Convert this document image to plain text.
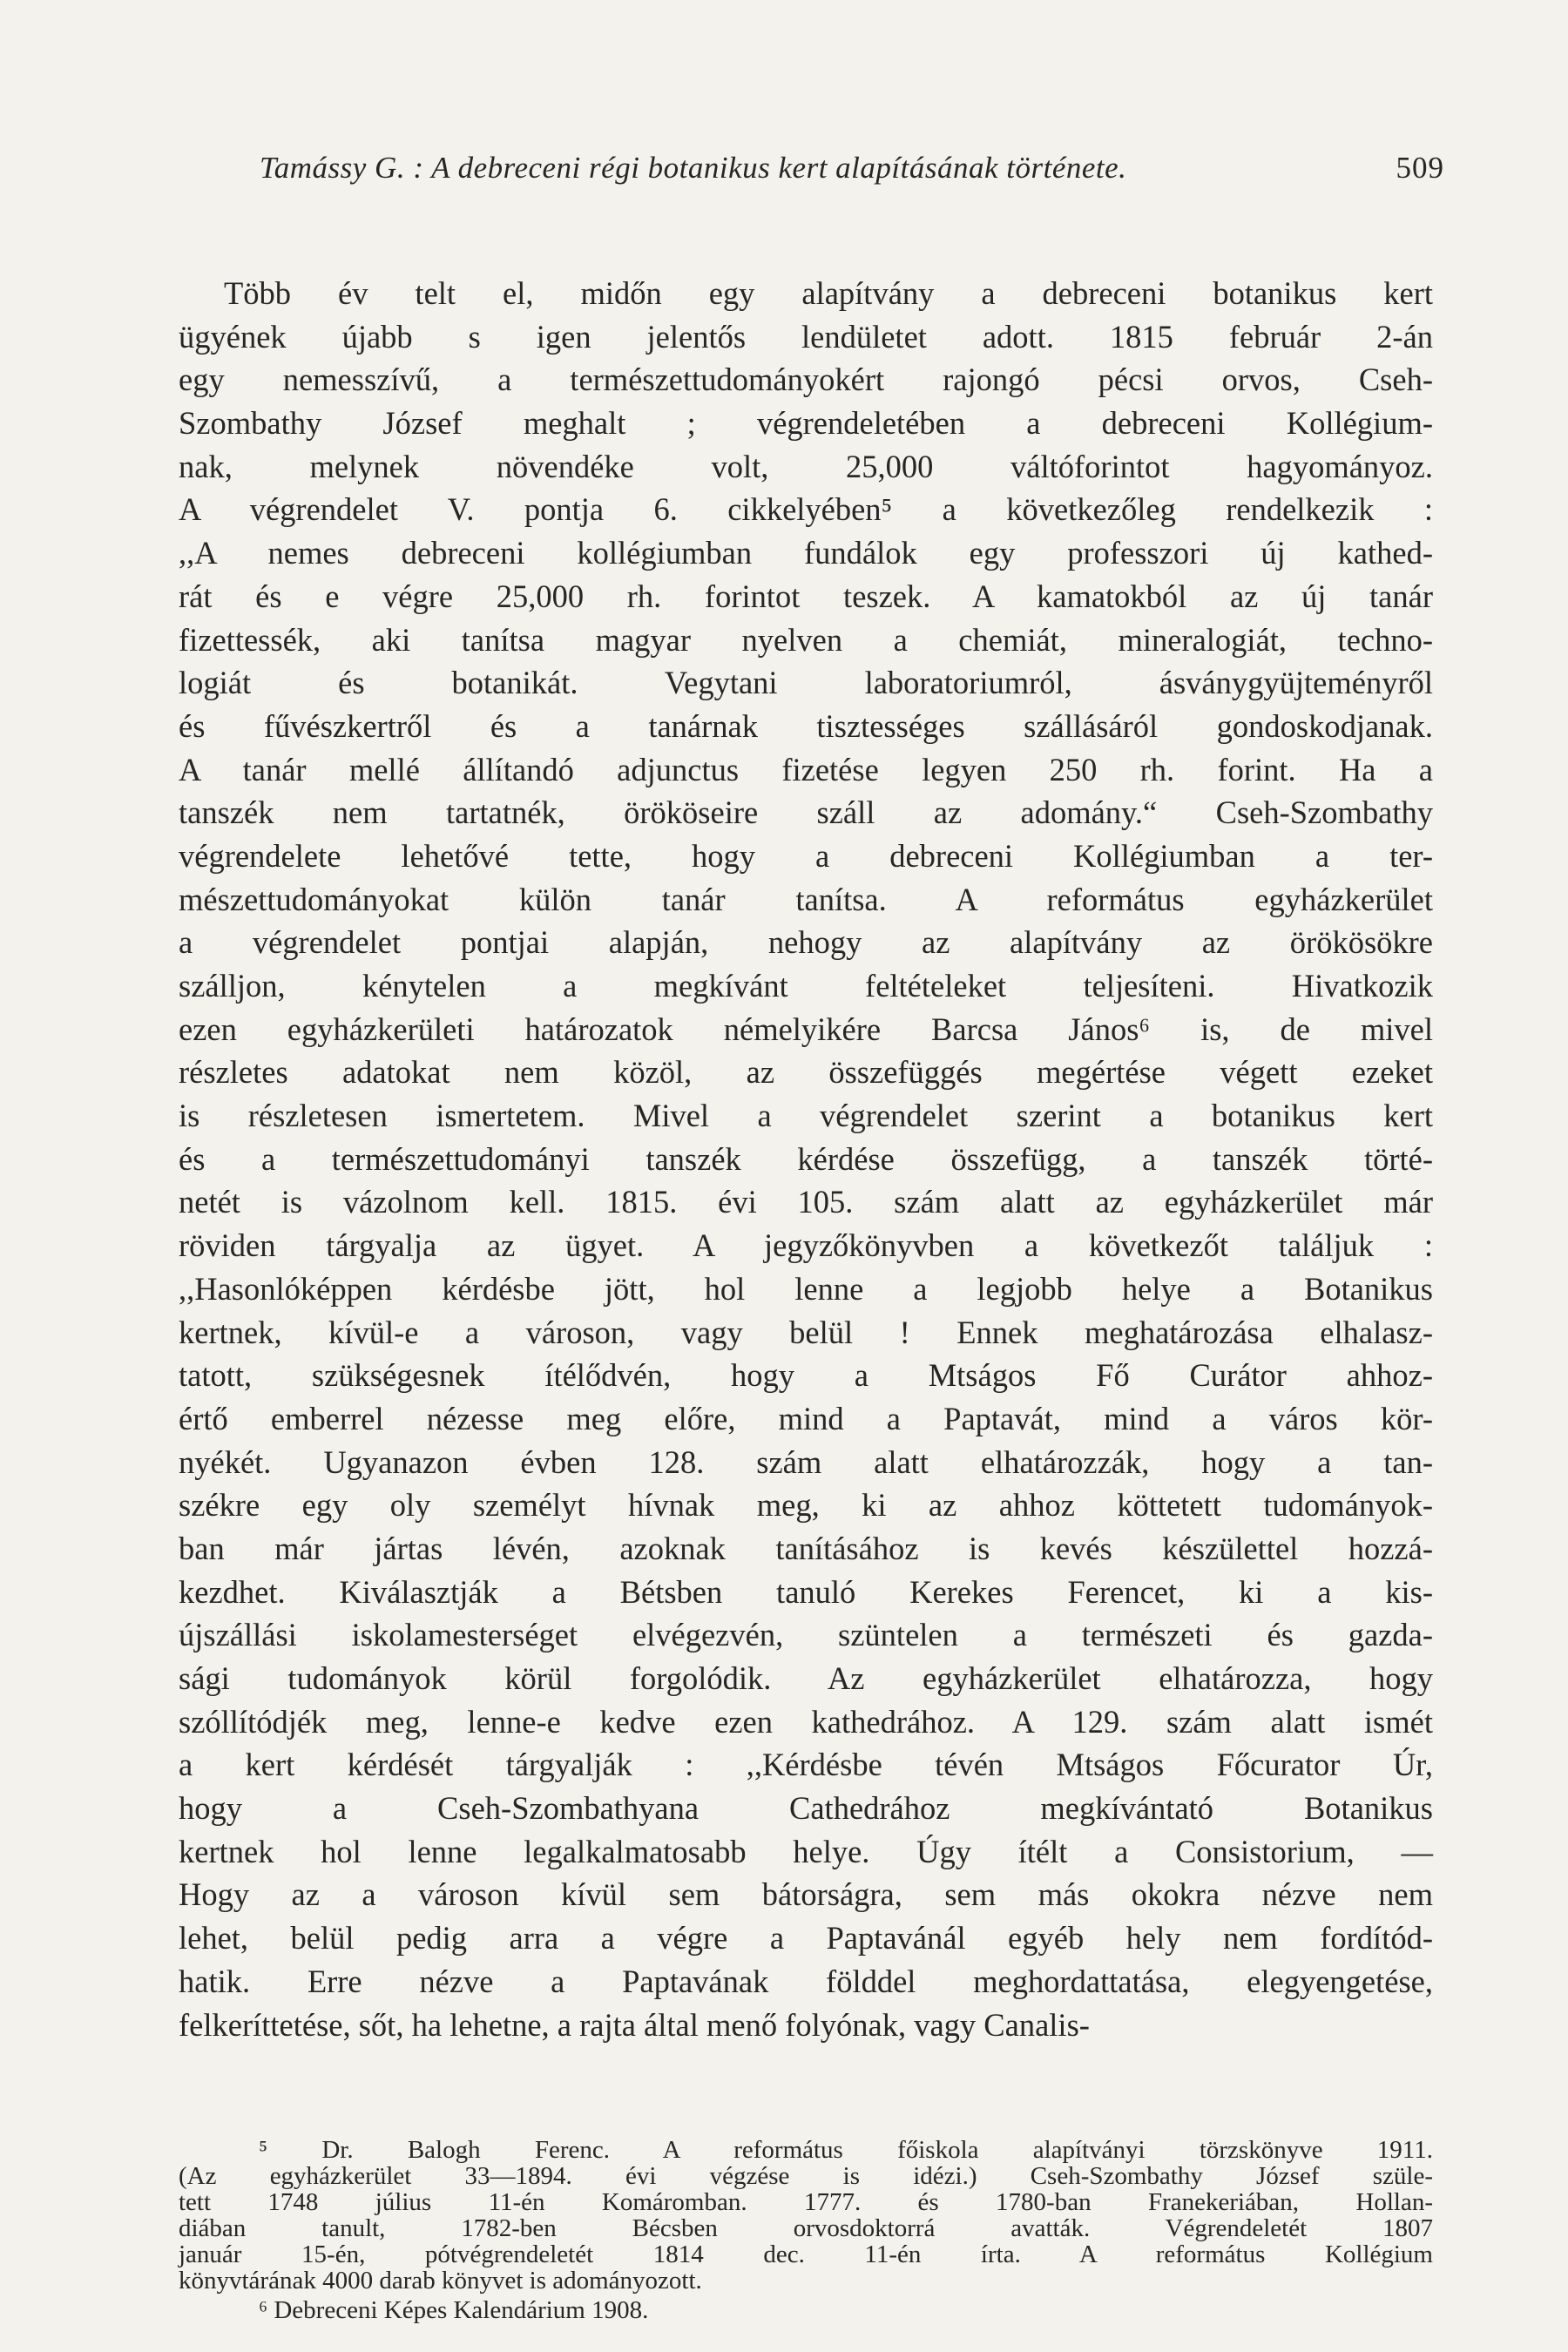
Tamássy G. : A debreceni régi botanikus kert alapításának története.	509
Több év telt el, midőn egy alapítvány a debreceni botanikus kert
ügyének újabb s igen jelentős lendületet adott. 1815 február 2-án
egy nemesszívű, a természettudományokért rajongó pécsi orvos, Cseh-
Szombathy József meghalt ; végrendeletében a debreceni Kollégium-
nak, melynek növendéke volt, 25,000 váltóforintot hagyományoz.
A végrendelet V. pontja 6. cikkelyében⁵ a következőleg rendelkezik :
,,A nemes debreceni kollégiumban fundálok egy professzori új kathed-
rát és e végre 25,000 rh. forintot teszek. A kamatokból az új tanár
fizettessék, aki tanítsa magyar nyelven a chemiát, mineralogiát, techno-
logiát és botanikát. Vegytani laboratoriumról, ásványgyüjteményről
és fűvészkertről és a tanárnak tisztességes szállásáról gondoskodjanak.
A tanár mellé állítandó adjunctus fizetése legyen 250 rh. forint. Ha a
tanszék nem tartatnék, örököseire száll az adomány.“ Cseh-Szombathy
végrendelete lehetővé tette, hogy a debreceni Kollégiumban a ter-
mészettudományokat külön tanár tanítsa. A református egyházkerület
a végrendelet pontjai alapján, nehogy az alapítvány az örökösökre
szálljon, kénytelen a megkívánt feltételeket teljesíteni. Hivatkozik
ezen egyházkerületi határozatok némelyikére Barcsa János⁶ is, de mivel
részletes adatokat nem közöl, az összefüggés megértése végett ezeket
is részletesen ismertetem. Mivel a végrendelet szerint a botanikus kert
és a természettudományi tanszék kérdése összefügg, a tanszék törté-
netét is vázolnom kell. 1815. évi 105. szám alatt az egyházkerület már
röviden tárgyalja az ügyet. A jegyzőkönyvben a következőt találjuk :
,,Hasonlóképpen kérdésbe jött, hol lenne a legjobb helye a Botanikus
kertnek, kívül-e a városon, vagy belül ! Ennek meghatározása elhalasz-
tatott, szükségesnek ítélődvén, hogy a Mtságos Fő Curátor ahhoz-
értő emberrel nézesse meg előre, mind a Paptavát, mind a város kör-
nyékét. Ugyanazon évben 128. szám alatt elhatározzák, hogy a tan-
székre egy oly személyt hívnak meg, ki az ahhoz köttetett tudományok-
ban már jártas lévén, azoknak tanításához is kevés készülettel hozzá-
kezdhet. Kiválasztják a Bétsben tanuló Kerekes Ferencet, ki a kis-
újszállási iskolamesterséget elvégezvén, szüntelen a természeti és gazda-
sági tudományok körül forgolódik. Az egyházkerület elhatározza, hogy
szóllítódjék meg, lenne-e kedve ezen kathedrához. A 129. szám alatt ismét
a kert kérdését tárgyalják : ,,Kérdésbe tévén Mtságos Főcurator Úr,
hogy a Cseh-Szombathyana Cathedrához megkívántató Botanikus
kertnek hol lenne legalkalmatosabb helye. Úgy ítélt a Consistorium, —
Hogy az a városon kívül sem bátorságra, sem más okokra nézve nem
lehet, belül pedig arra a végre a Paptavánál egyéb hely nem fordítód-
hatik. Erre nézve a Paptavának földdel meghordattatása, elegyengetése,
felkeríttetése, sőt, ha lehetne, a rajta által menő folyónak, vagy Canalis-
⁵ Dr. Balogh Ferenc. A református főiskola alapítványi törzskönyve 1911.
(Az egyházkerület 33—1894. évi végzése is idézi.) Cseh-Szombathy József szüle-
tett 1748 július 11-én Komáromban. 1777. és 1780-ban Franekeriában, Hollan-
diában tanult, 1782-ben Bécsben orvosdoktorrá avatták. Végrendeletét 1807
január 15-én, pótvégrendeletét 1814 dec. 11-én írta. A református Kollégium
könyvtárának 4000 darab könyvet is adományozott.
⁶ Debreceni Képes Kalendárium 1908.
